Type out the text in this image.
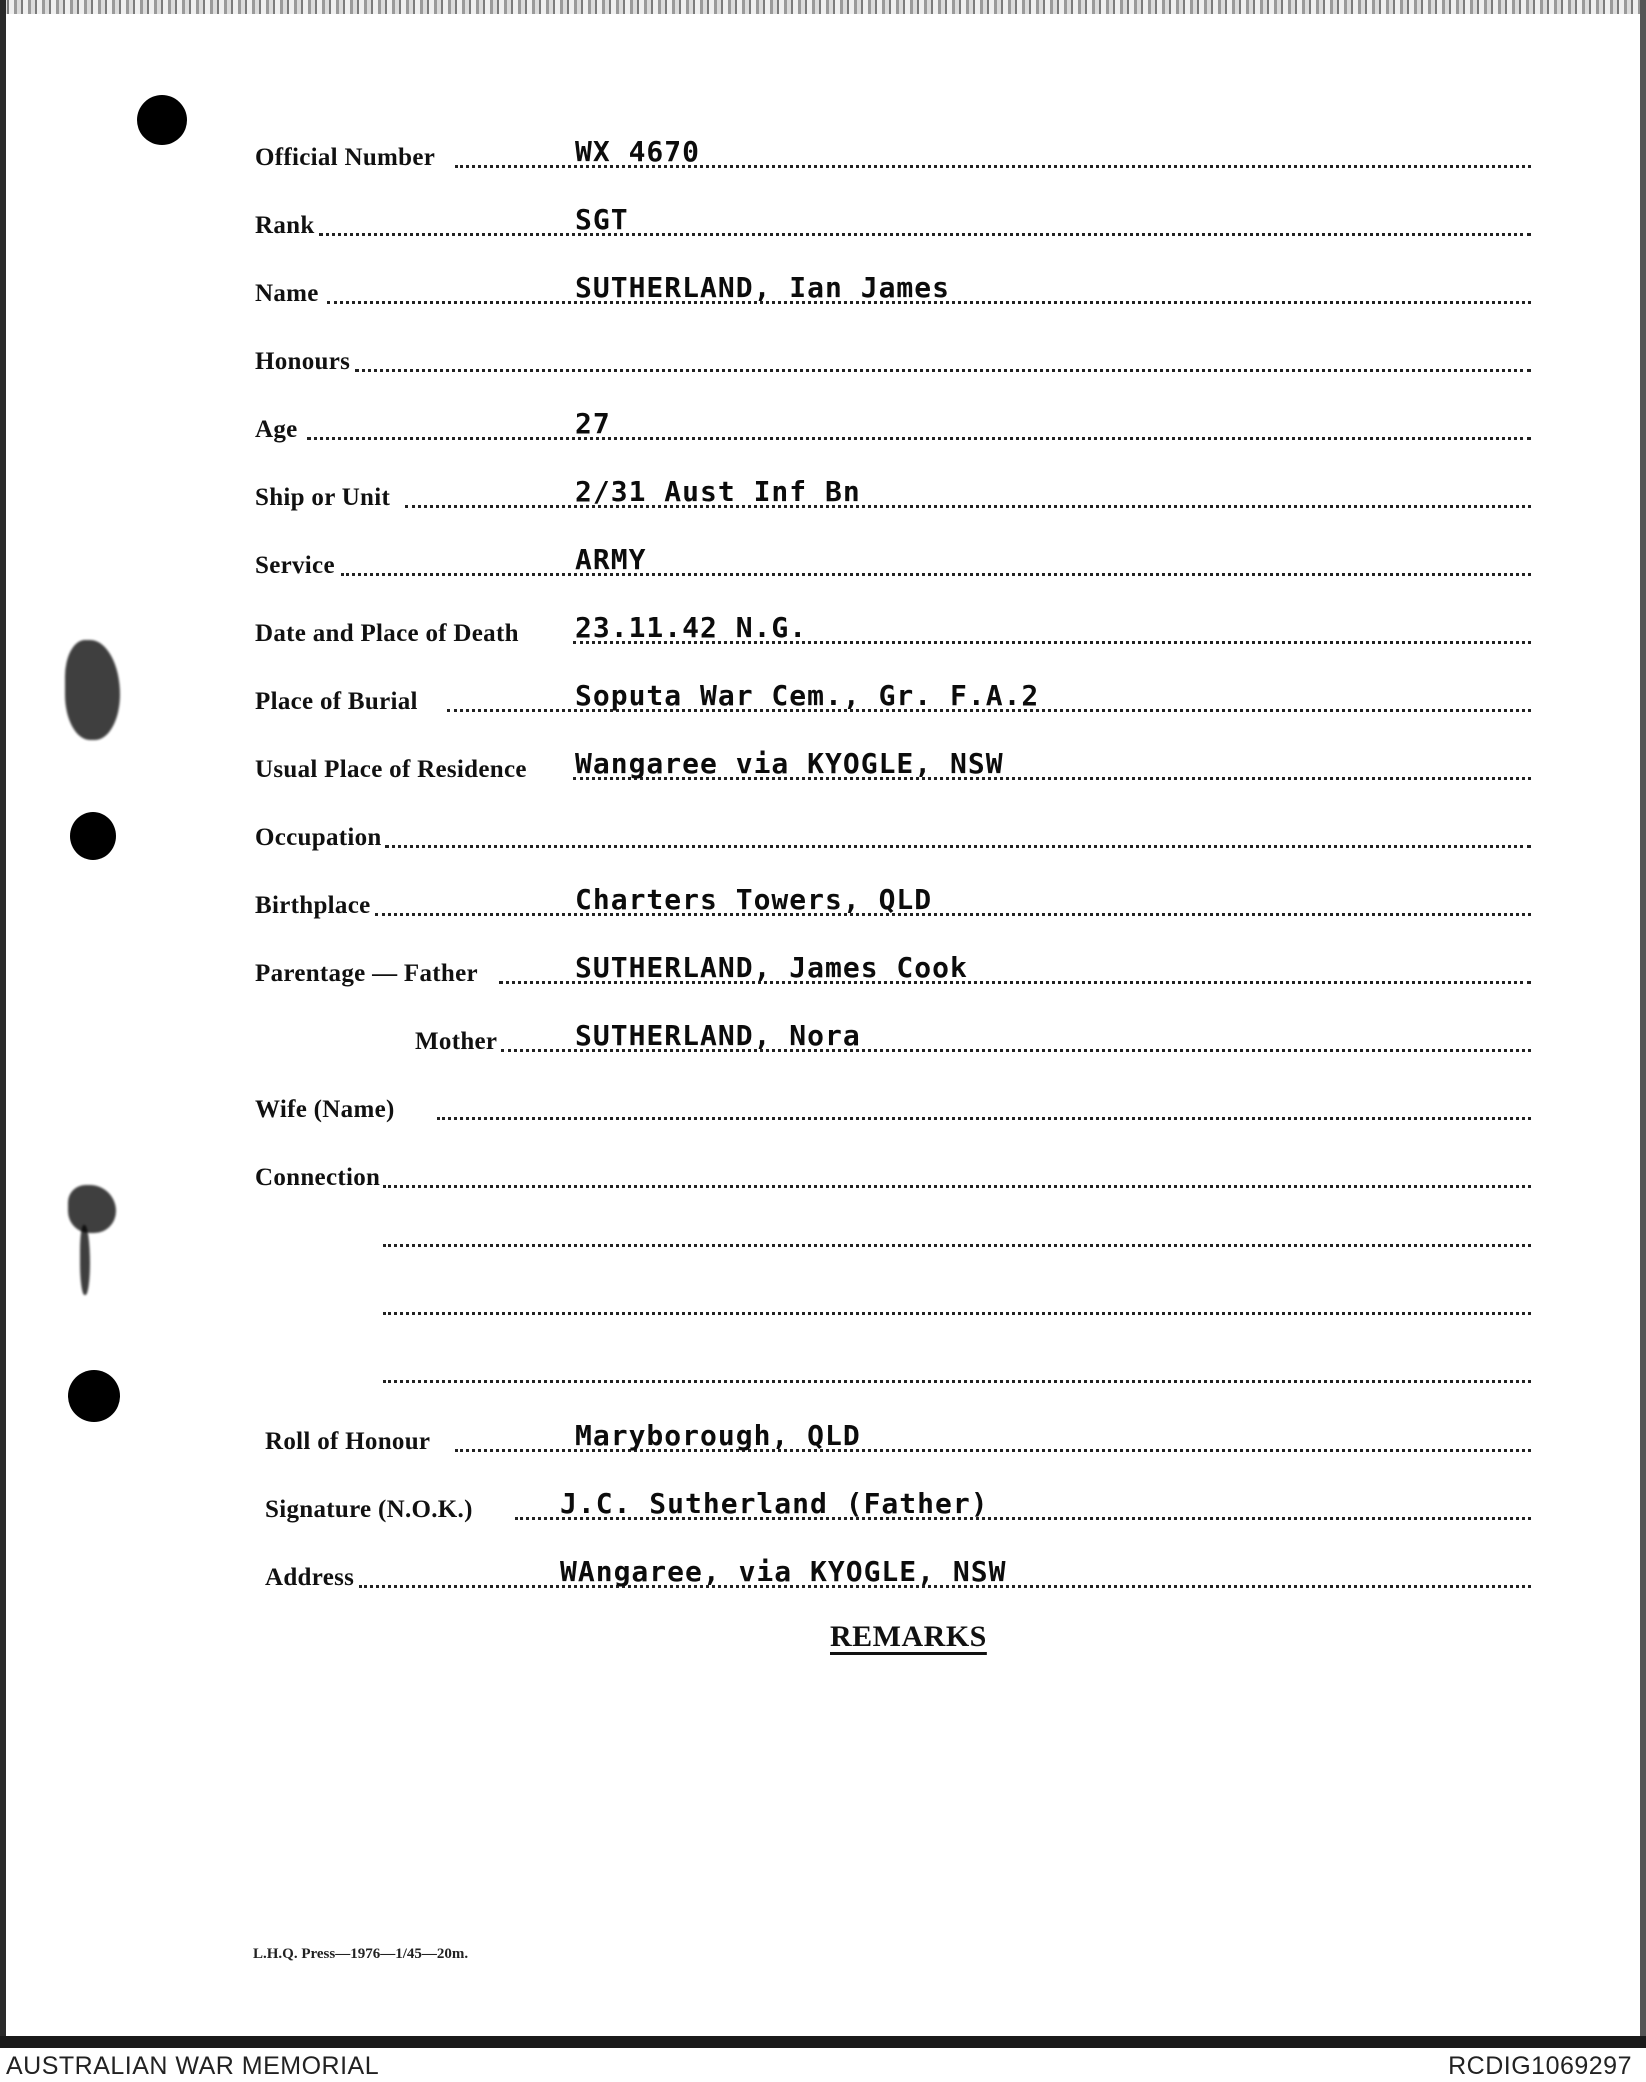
Official Number	WX 4670
Rank	SGT
Name	SUTHERLAND, Ian James
Honours
Age	27
Ship or Unit	2/31 Aust Inf Bn
Service	ARMY
Date and Place of Death 23.11.42 N.G.
Place of Burial	Soputa War Cem., Gr. F.A.2
Usual Place of Residence Wangaree via KYOGLE, NSW
Occupation
Birthplace	Charters Towers, QLD
Parentage — Father	SUTHERLAND, James Cook
Mother	SUTHERLAND, Nora
Wife (Name)
Connection
Roll of Honour	Maryborough, QLD
Signature (N.O.K.)	J.C. Sutherland (Father)
Address	WAngaree, via KYOGLE, NSW
REMARKS
L.H.Q. Press—1976—1/45—20m.
AUSTRALIAN WAR MEMORIAL	RCDIG1069297
